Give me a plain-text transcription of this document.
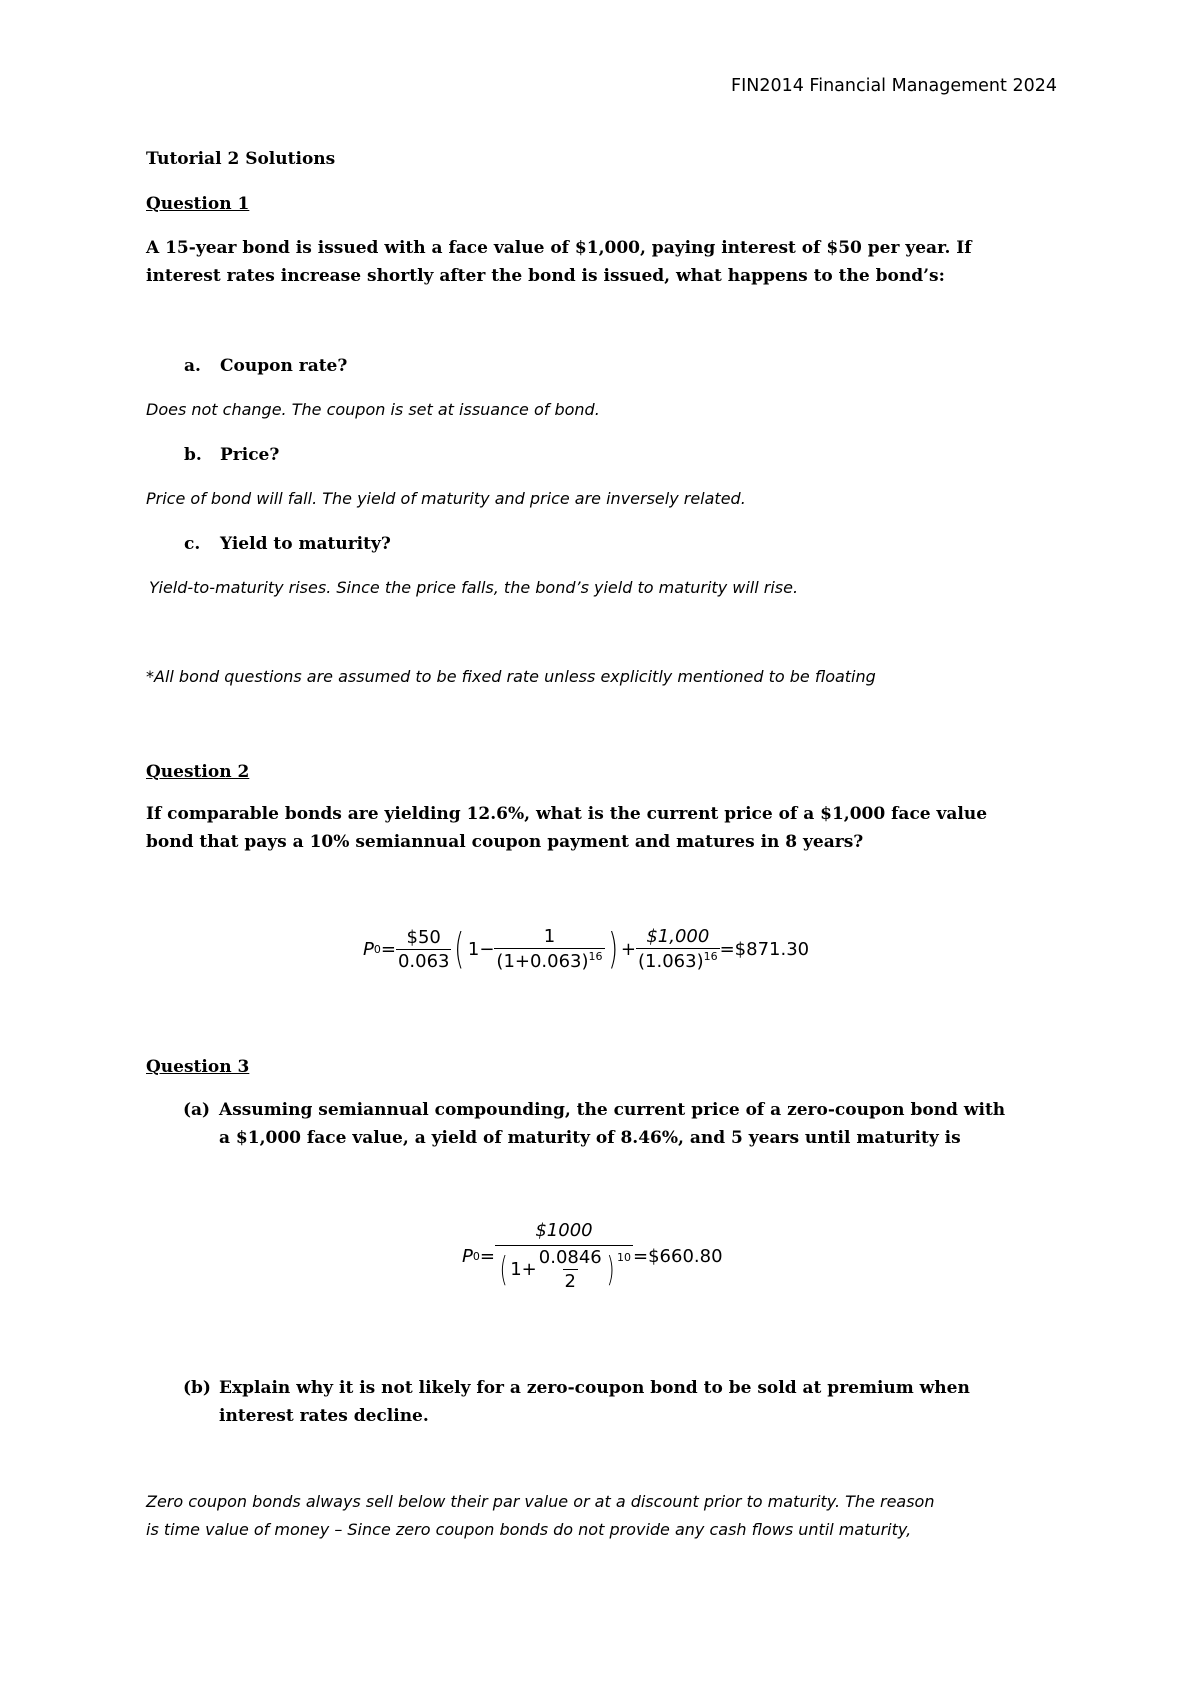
FIN2014 Financial Management 2024
Tutorial 2 Solutions
Question 1
A 15-year bond is issued with a face value of $1,000, paying interest of $50 per year. If
interest rates increase shortly after the bond is issued, what happens to the bond’s:
a. Coupon rate?
Does not change. The coupon is set at issuance of bond.
b. Price?
Price of bond will fall. The yield of maturity and price are inversely related.
c. Yield to maturity?
Yield-to-maturity rises. Since the price falls, the bond’s yield to maturity will rise.
*All bond questions are assumed to be fixed rate unless explicitly mentioned to be floating
Question 2
If comparable bonds are yielding 12.6%, what is the current price of a $1,000 face value
bond that pays a 10% semiannual coupon payment and matures in 8 years?
P $0 = \frac{\$50}{0.063}$ ( $1- \frac{1}{(1+0.063)^{16}}$ ) + $\frac{\$1,000}{(1.063)^{16}}$ =$871.30
Question 3
(a) Assuming semiannual compounding, the current price of a zero-coupon bond with
a $1,000 face value, a yield of maturity of 8.46%, and 5 years until maturity is
P 0 =
$1000
( $1+ \frac{0.0846}{2} )^{10}$ =$660.80
(b) Explain why it is not likely for a zero-coupon bond to be sold at premium when
interest rates decline.
Zero coupon bonds always sell below their par value or at a discount prior to maturity. The reason
is time value of money – Since zero coupon bonds do not provide any cash flows until maturity,
